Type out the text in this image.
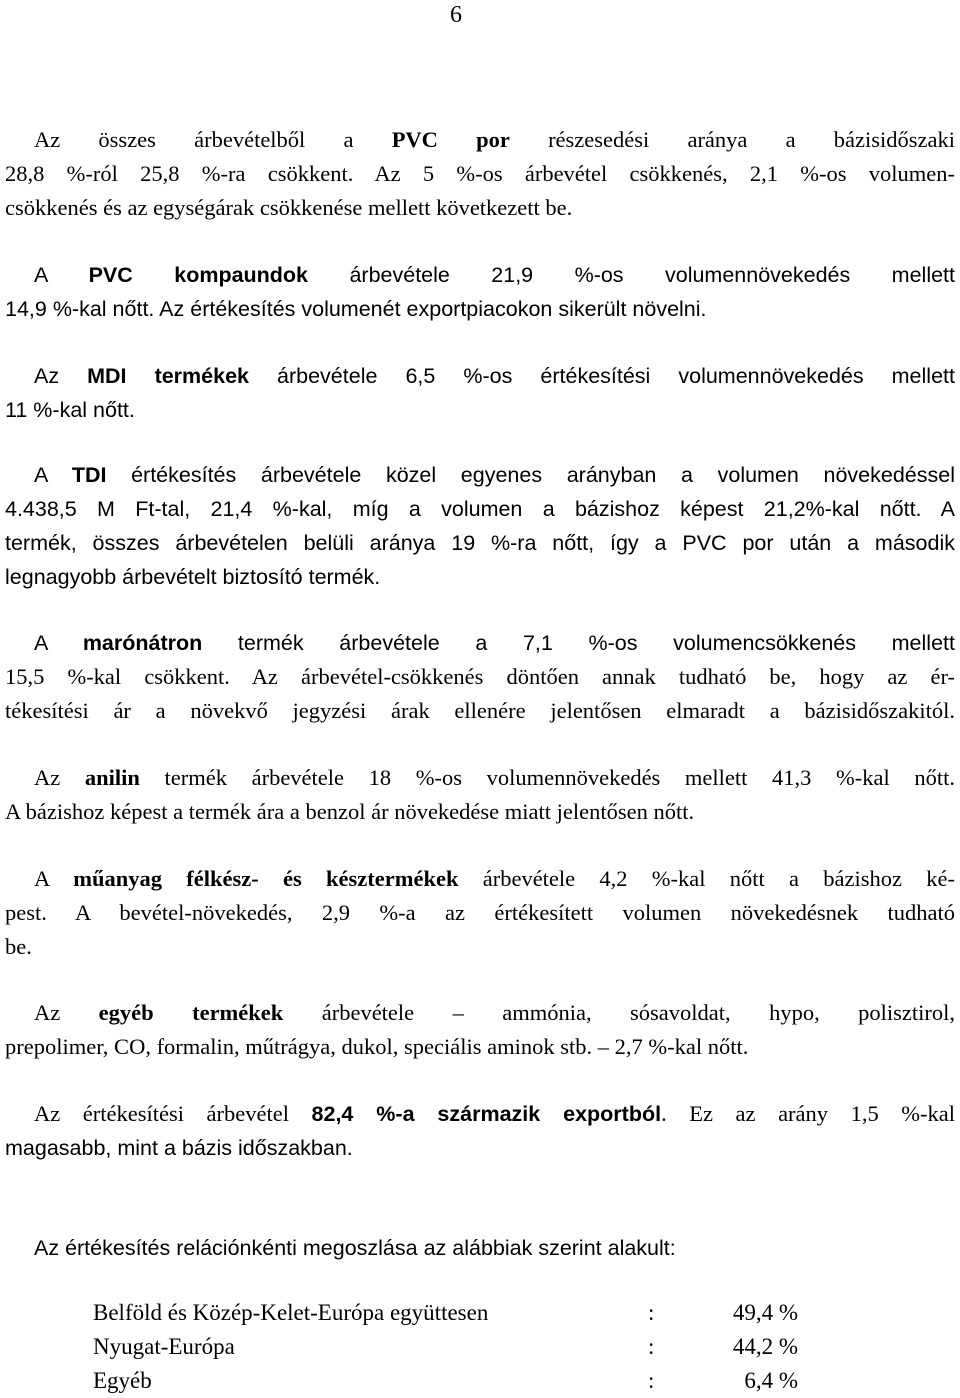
6
Az összes árbevételből a PVC por részesedési aránya a bázisidőszaki
28,8 %-ról 25,8 %-ra csökkent. Az 5 %-os árbevétel csökkenés, 2,1 %-os volumen-
csökkenés és az egységárak csökkenése mellett következett be.
A PVC kompaundok árbevétele 21,9 %-os volumennövekedés mellett
14,9 %-kal nőtt. Az értékesítés volumenét exportpiacokon sikerült növelni.
Az MDI termékek árbevétele 6,5 %-os értékesítési volumennövekedés mellett
11 %-kal nőtt.
A TDI értékesítés árbevétele közel egyenes arányban a volumen növekedéssel
4.438,5 M Ft-tal, 21,4 %-kal, míg a volumen a bázishoz képest 21,2%-kal nőtt. A
termék, összes árbevételen belüli aránya 19 %-ra nőtt, így a PVC por után a második
legnagyobb árbevételt biztosító termék.
A marónátron termék árbevétele a 7,1 %-os volumencsökkenés mellett
15,5 %-kal csökkent. Az árbevétel-csökkenés döntően annak tudható be, hogy az ér-
tékesítési ár a növekvő jegyzési árak ellenére jelentősen elmaradt a bázisidőszakitól.
Az anilin termék árbevétele 18 %-os volumennövekedés mellett 41,3 %-kal nőtt.
A bázishoz képest a termék ára a benzol ár növekedése miatt jelentősen nőtt.
A műanyag félkész- és késztermékek árbevétele 4,2 %-kal nőtt a bázishoz ké-
pest. A bevétel-növekedés, 2,9 %-a az értékesített volumen növekedésnek tudható
be.
Az egyéb termékek árbevétele – ammónia, sósavoldat, hypo, polisztirol,
prepolimer, CO, formalin, műtrágya, dukol, speciális aminok stb. – 2,7 %-kal nőtt.
Az értékesítési árbevétel 82,4 %-a származik exportból. Ez az arány 1,5 %-kal
magasabb, mint a bázis időszakban.
Az értékesítés relációnkénti megoszlása az alábbiak szerint alakult:
Belföld és Közép-Kelet-Európa együttesen	:	49,4 %
Nyugat-Európa	:	44,2 %
Egyéb	:	6,4 %
